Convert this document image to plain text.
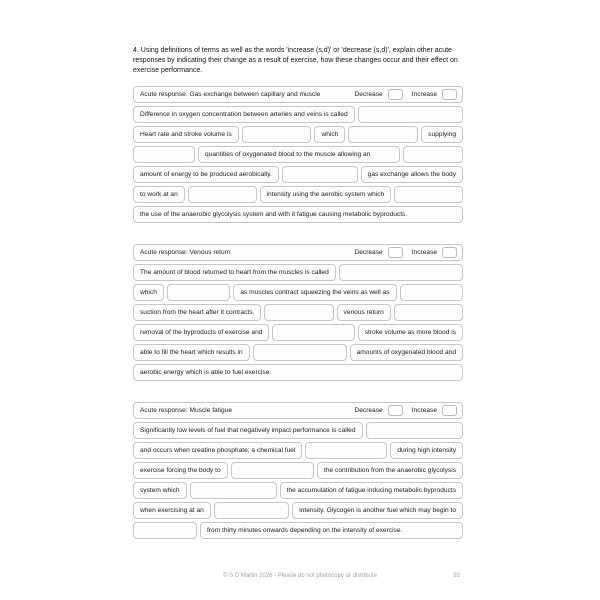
4. Using definitions of terms as well as the words 'increase (s,d)' or 'decrease (s,d)', explain other acute responses by indicating their change as a result of exercise, how these changes occur and their effect on exercise performance.

Acute response: Gas exchange between capillary and muscle	Decrease	Increase
Difference in oxygen concentration between arteries and veins is called
Heart rate and stroke volume is	which	supplying
quantities of oxygenated blood to the muscle allowing an
amount of energy to be produced aerobically.	gas exchange allows the body
to work at an	intensity using the aerobic system which
the use of the anaerobic glycolysis system and with it fatigue causing metabolic byproducts.
Acute response: Venous return	Decrease	Increase
The amount of blood returned to heart from the muscles is called
which	as muscles contract squeezing the veins as well as
suction from the heart after it contracts.	venous return
removal of the byproducts of exercise and	stroke volume as more blood is
able to fill the heart which results in	amounts of oxygenated blood and
aerobic energy which is able to fuel exercise.
Acute response: Muscle fatigue	Decrease	Increase
Significantly low levels of fuel that negatively impact performance is called
and occurs when creatine phosphate; a chemical fuel	during high intensity
exercise forcing the body to	the contribution from the anaerobic glycolysis
system which	the accumulation of fatigue inducing metabolic byproducts
when exercising at an	intensity. Glycogen is another fuel which may begin to
from thirty minutes onwards depending on the intensity of exercise.
© S D Martin 2026 - Please do not photocopy or distribute	93
